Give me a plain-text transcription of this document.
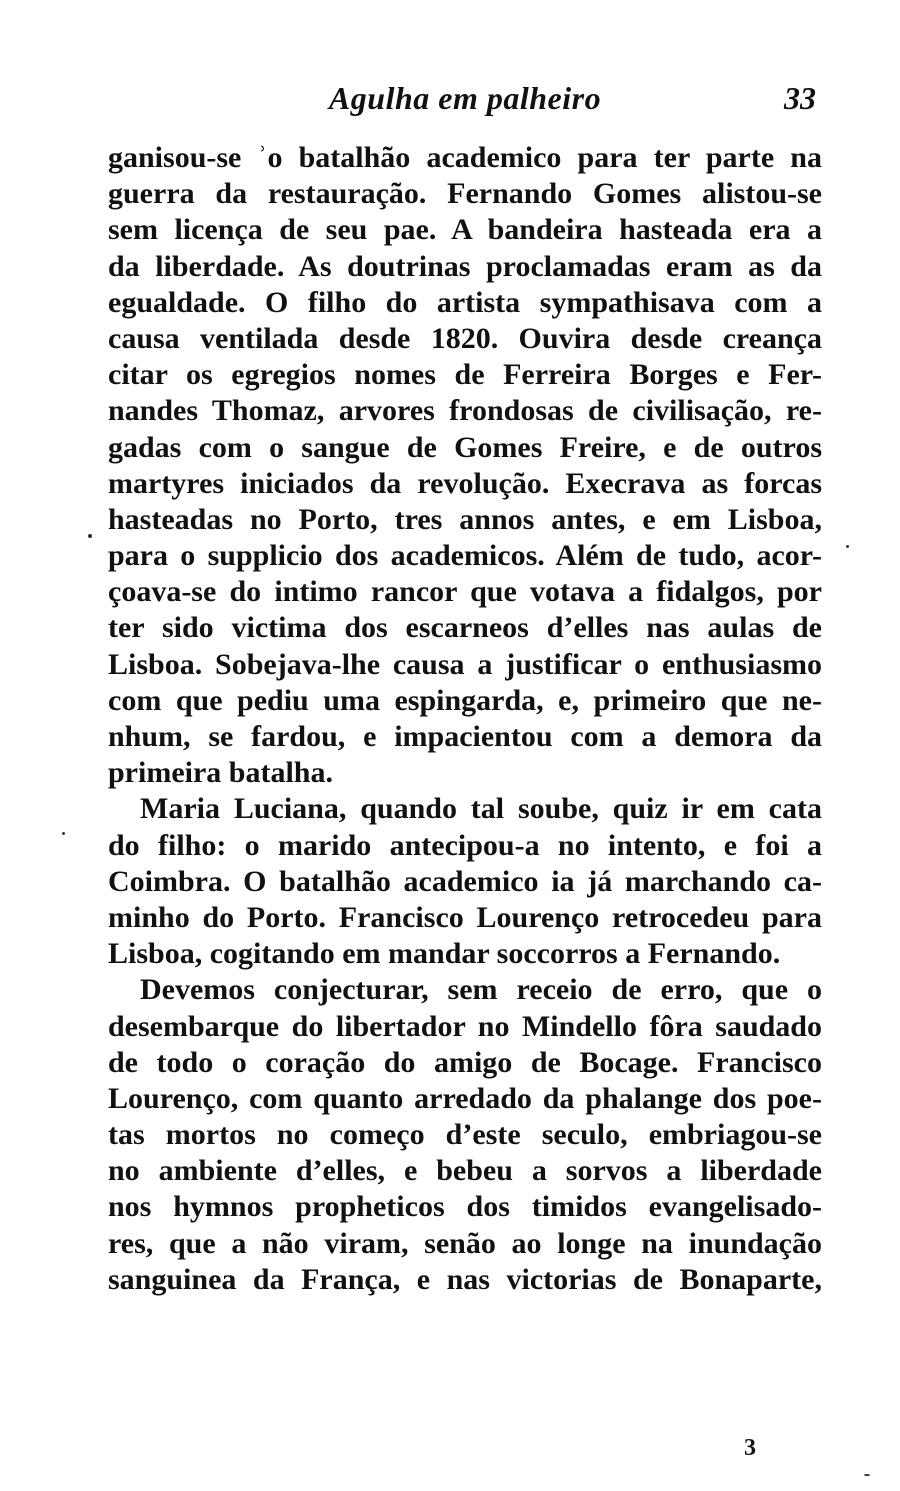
Agulha em palheiro	33
ganisou-se ʾo batalhão academico para ter parte na
guerra da restauração. Fernando Gomes alistou-se
sem licença de seu pae. A bandeira hasteada era a
da liberdade. As doutrinas proclamadas eram as da
egualdade. O filho do artista sympathisava com a
causa ventilada desde 1820. Ouvira desde creança
citar os egregios nomes de Ferreira Borges e Fer-
nandes Thomaz, arvores frondosas de civilisação, re-
gadas com o sangue de Gomes Freire, e de outros
martyres iniciados da revolução. Execrava as forcas
hasteadas no Porto, tres annos antes, e em Lisboa,
para o supplicio dos academicos. Além de tudo, acor-
çoava-se do intimo rancor que votava a fidalgos, por
ter sido victima dos escarneos d’elles nas aulas de
Lisboa. Sobejava-lhe causa a justificar o enthusiasmo
com que pediu uma espingarda, e, primeiro que ne-
nhum, se fardou, e impacientou com a demora da
primeira batalha.
Maria Luciana, quando tal soube, quiz ir em cata
do filho: o marido antecipou-a no intento, e foi a
Coimbra. O batalhão academico ia já marchando ca-
minho do Porto. Francisco Lourenço retrocedeu para
Lisboa, cogitando em mandar soccorros a Fernando.
Devemos conjecturar, sem receio de erro, que o
desembarque do libertador no Mindello fôra saudado
de todo o coração do amigo de Bocage. Francisco
Lourenço, com quanto arredado da phalange dos poe-
tas mortos no começo d’este seculo, embriagou-se
no ambiente d’elles, e bebeu a sorvos a liberdade
nos hymnos propheticos dos timidos evangelisado-
res, que a não viram, senão ao longe na inundação
sanguinea da França, e nas victorias de Bonaparte,
3
